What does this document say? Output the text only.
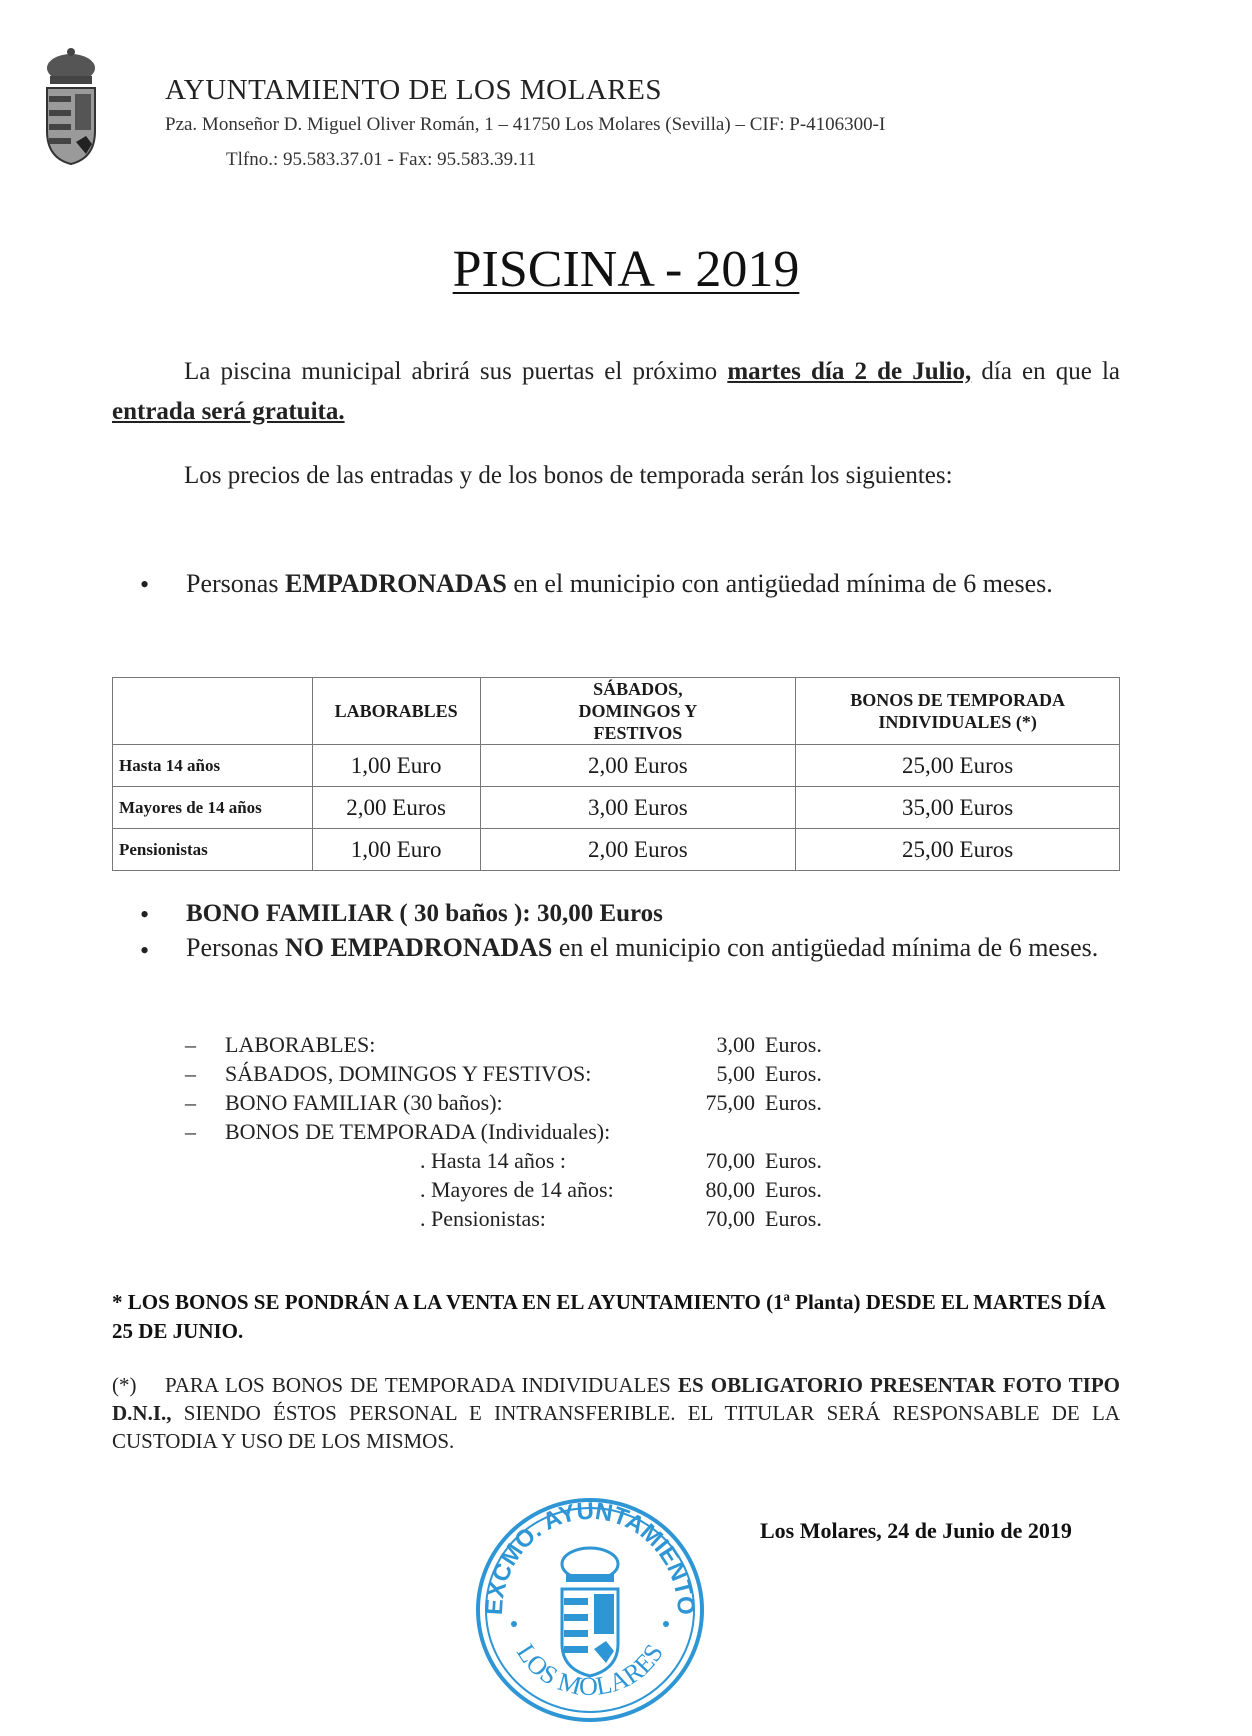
AYUNTAMIENTO DE LOS MOLARES
Pza. Monseñor D. Miguel Oliver Román, 1 – 41750 Los Molares (Sevilla) – CIF: P-4106300-I
Tlfno.: 95.583.37.01 - Fax: 95.583.39.11
PISCINA - 2019
La piscina municipal abrirá sus puertas el próximo martes día 2 de Julio, día en que la entrada será gratuita.
Los precios de las entradas y de los bonos de temporada serán los siguientes:
• Personas EMPADRONADAS en el municipio con antigüedad mínima de 6 meses.
	LABORABLES	SÁBADOS, DOMINGOS Y FESTIVOS	BONOS DE TEMPORADA INDIVIDUALES (*)
Hasta 14 años	1,00 Euro	2,00 Euros	25,00 Euros
Mayores de 14 años	2,00 Euros	3,00 Euros	35,00 Euros
Pensionistas	1,00 Euro	2,00 Euros	25,00 Euros
• BONO FAMILIAR ( 30 baños ): 30,00 Euros
• Personas NO EMPADRONADAS en el municipio con antigüedad mínima de 6 meses.
– LABORABLES:	3,00 Euros.
– SÁBADOS, DOMINGOS Y FESTIVOS:	5,00 Euros.
– BONO FAMILIAR (30 baños):	75,00 Euros.
– BONOS DE TEMPORADA (Individuales):
. Hasta 14 años :	70,00 Euros.
. Mayores de 14 años:	80,00 Euros.
. Pensionistas:	70,00 Euros.
* LOS BONOS SE PONDRÁN A LA VENTA EN EL AYUNTAMIENTO (1ª Planta) DESDE EL MARTES DÍA 25 DE JUNIO.
(*)    PARA LOS BONOS DE TEMPORADA INDIVIDUALES ES OBLIGATORIO PRESENTAR FOTO TIPO D.N.I., SIENDO ÉSTOS PERSONAL E INTRANSFERIBLE. EL TITULAR SERÁ RESPONSABLE DE LA CUSTODIA Y USO DE LOS MISMOS.
Los Molares, 24 de Junio de 2019
EXCMO. AYUNTAMIENTO
LOS MOLARES
